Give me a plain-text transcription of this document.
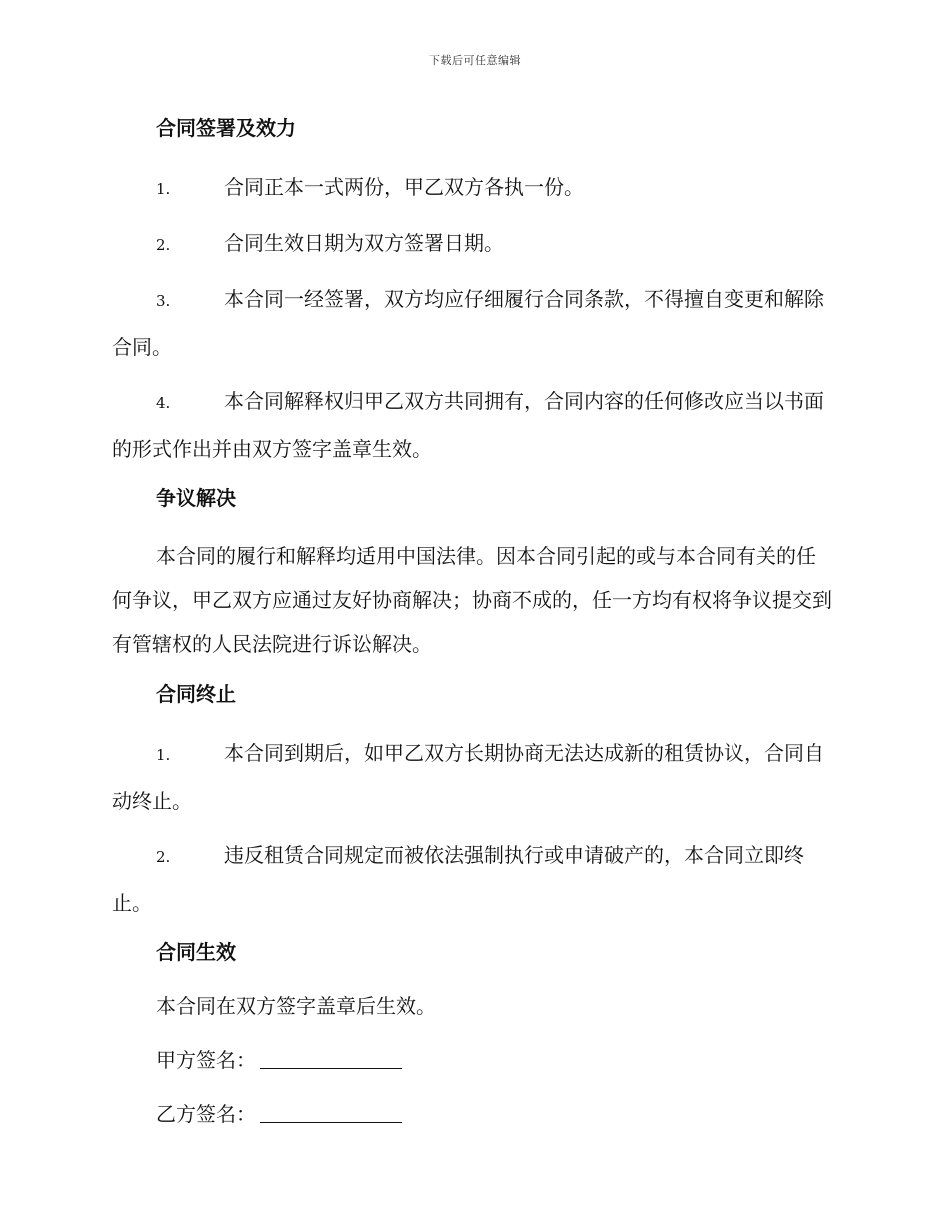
下载后可任意编辑
合同签署及效力
1.	合同正本一式两份，甲乙双方各执一份。
2.	合同生效日期为双方签署日期。
3.	本合同一经签署，双方均应仔细履行合同条款，不得擅自变更和解除合同。
4.	本合同解释权归甲乙双方共同拥有，合同内容的任何修改应当以书面的形式作出并由双方签字盖章生效。
争议解决
本合同的履行和解释均适用中国法律。因本合同引起的或与本合同有关的任何争议，甲乙双方应通过友好协商解决；协商不成的，任一方均有权将争议提交到有管辖权的人民法院进行诉讼解决。
合同终止
1.	本合同到期后，如甲乙双方长期协商无法达成新的租赁协议，合同自动终止。
2.	违反租赁合同规定而被依法强制执行或申请破产的，本合同立即终止。
合同生效
本合同在双方签字盖章后生效。
甲方签名：
乙方签名：
